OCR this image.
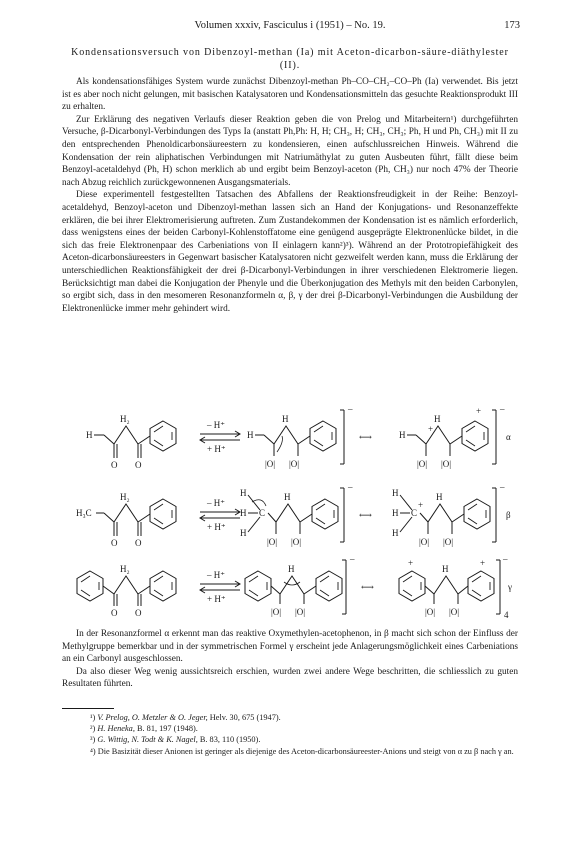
Volumen xxxiv, Fasciculus i (1951) – No. 19.	173
Kondensationsversuch von Dibenzoyl-methan (Ia) mit Aceton-dicarbon-säure-diäthylester (II).

Als kondensationsfähiges System wurde zunächst Dibenzoyl-methan Ph–CO–CH₂–CO–Ph (Ia) verwendet. Bis jetzt ist es aber noch nicht gelungen, mit basischen Katalysatoren und Kondensationsmitteln das gesuchte Reaktionsprodukt III zu erhalten.

Zur Erklärung des negativen Verlaufs dieser Reaktion geben die von Prelog und Mitarbeitern¹) durchgeführten Versuche, β-Dicarbonyl-Verbindungen des Typs Ia (anstatt Ph,Ph: H, H; CH₃, H; CH₃, CH₃; Ph, H und Ph, CH₃) mit II zu den entsprechenden Phenoldicarbonsäureestern zu kondensieren, einen aufschlussreichen Hinweis. Während die Kondensation der rein aliphatischen Verbindungen mit Natriumäthylat zu guten Ausbeuten führt, fällt diese beim Benzoyl-acetaldehyd (Ph, H) schon merklich ab und ergibt beim Benzoyl-aceton (Ph, CH₃) nur noch 47% der Theorie nach Abzug reichlich zurückgewonnenen Ausgangsmaterials.

Diese experimentell festgestellten Tatsachen des Abfallens der Reaktionsfreudigkeit in der Reihe: Benzoyl-acetaldehyd, Benzoyl-aceton und Dibenzoyl-methan lassen sich an Hand der Konjugations- und Resonanzeffekte erklären, die bei ihrer Elektromerisierung auftreten. Zum Zustandekommen der Kondensation ist es nämlich erforderlich, dass wenigstens eines der beiden Carbonyl-Kohlenstoffatome eine genügend ausgeprägte Elektronenlücke bildet, in die sich das freie Elektronenpaar des Carbeniations von II einlagern kann²)³). Während an der Prototropiefähigkeit des Aceton-dicarbonsäureesters in Gegenwart basischer Katalysatoren nicht gezweifelt werden kann, muss die Erklärung der unterschiedlichen Reaktionsfähigkeit der drei β-Dicarbonyl-Verbindungen in ihrer verschiedenen Elektromerie liegen. Berücksichtigt man dabei die Konjugation der Phenyle und die Überkonjugation des Methyls mit den beiden Carbonylen, so ergibt sich, dass in den mesomeren Resonanzformeln α, β, γ der drei β-Dicarbonyl-Verbindungen die Ausbildung der Elektronenlücke immer mehr gehindert wird.

H
H₂
O O
– H⁺
+ H⁺
H
H
|O| |O|
–
⟷	H
H
+
|O| |O|
+ –
α
H₃C
H₂
O O
– H⁺
+ H⁺
H
H
H
C
H
|O| |O|
–
⟷
H
H
H
C
+
H
|O| |O|
–
β
H₂
O O
– H⁺
+ H⁺
H
|O| |O|
–
⟷
+
H
|O| |O|
+ –
γ
4

In der Resonanzformel α erkennt man das reaktive Oxymethylen-acetophenon, in β macht sich schon der Einfluss der Methylgruppe bemerkbar und in der symmetrischen Formel γ erscheint jede Anlagerungsmöglichkeit eines Carbeniations an ein Carbonyl ausgeschlossen.

Da also dieser Weg wenig aussichtsreich erschien, wurden zwei andere Wege beschritten, die schliesslich zu guten Resultaten führten.

¹) V. Prelog, O. Metzler & O. Jeger, Helv. 30, 675 (1947).
²) H. Heneka, B. 81, 197 (1948).
³) G. Wittig, N. Todt & K. Nagel, B. 83, 110 (1950).
⁴) Die Basizität dieser Anionen ist geringer als diejenige des Aceton-dicarbonsäureester-Anions und steigt von α zu β nach γ an.
